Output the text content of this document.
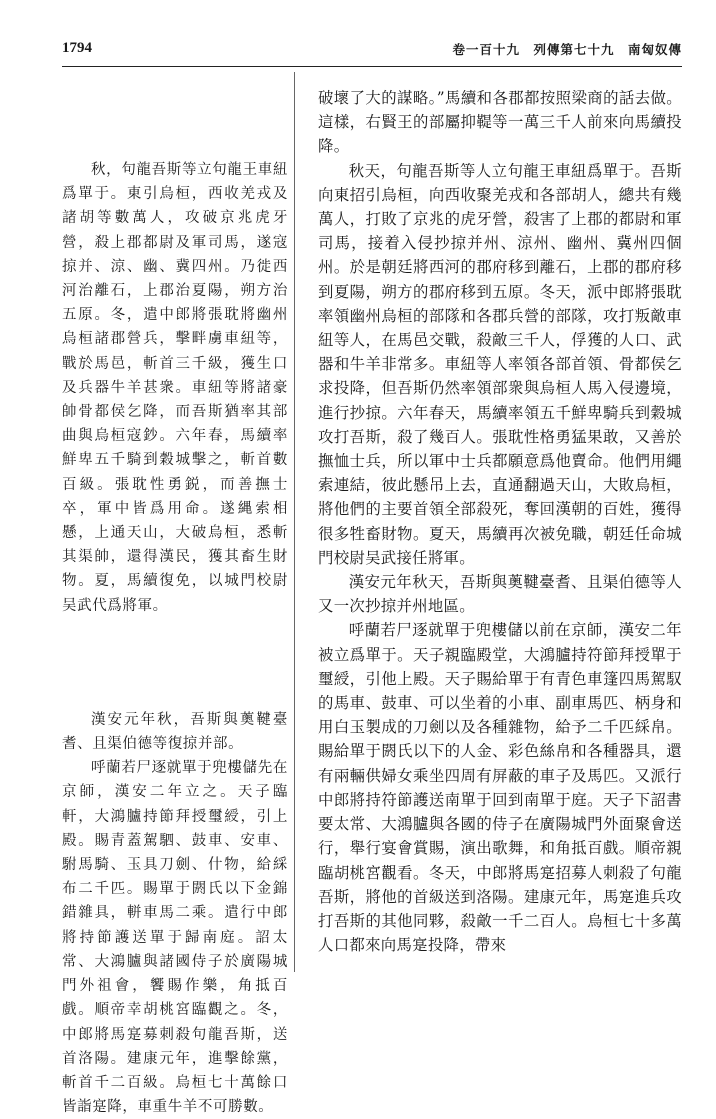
1794	卷一百十九　列傳第七十九　南匈奴傳

秋，句龍吾斯等立句龍王車紐爲單于。東引烏桓，西收羌戎及諸胡等數萬人，攻破京兆虎牙營，殺上郡都尉及軍司馬，遂寇掠并、涼、幽、冀四州。乃徙西河治離石，上郡治夏陽，朔方治五原。冬，遣中郎將張耽將幽州烏桓諸郡營兵，擊畔虜車紐等，戰於馬邑，斬首三千級，獲生口及兵器牛羊甚衆。車紐等將諸豪帥骨都侯乞降，而吾斯猶率其部曲與烏桓寇鈔。六年春，馬續率鮮卑五千騎到穀城擊之，斬首數百級。張耽性勇鋭，而善撫士卒，軍中皆爲用命。遂縄索相懸，上通天山，大破烏桓，悉斬其渠帥，還得漢民，獲其畜生財物。夏，馬續復免，以城門校尉吴武代爲將軍。

漢安元年秋，吾斯與薁鞬臺耆、且渠伯德等復掠并部。

呼蘭若尸逐就單于兜樓儲先在京師，漢安二年立之。天子臨軒，大鴻臚持節拜授璽綬，引上殿。賜青蓋駕駟、鼓車、安車、駙馬騎、玉具刀劍、什物，給綵布二千匹。賜單于閼氏以下金錦錯雜具，軿車馬二乘。遣行中郎將持節護送單于歸南庭。詔太常、大鴻臚與諸國侍子於廣陽城門外祖會，饗賜作樂，角抵百戲。順帝幸胡桃宮臨觀之。冬，中郎將馬寔募刺殺句龍吾斯，送首洛陽。建康元年，進擊餘黨，斬首千二百級。烏桓七十萬餘口皆詣寔降，車重牛羊不可勝數。

破壞了大的謀略。”馬續和各郡都按照梁商的話去做。這樣，右賢王的部屬抑鞮等一萬三千人前來向馬續投降。

秋天，句龍吾斯等人立句龍王車紐爲單于。吾斯向東招引烏桓，向西收聚羌戎和各部胡人，總共有幾萬人，打敗了京兆的虎牙營，殺害了上郡的都尉和軍司馬，接着入侵抄掠并州、涼州、幽州、冀州四個州。於是朝廷將西河的郡府移到離石，上郡的郡府移到夏陽，朔方的郡府移到五原。冬天，派中郎將張耽率領幽州烏桓的部隊和各郡兵營的部隊，攻打叛敵車紐等人，在馬邑交戰，殺敵三千人，俘獲的人口、武器和牛羊非常多。車紐等人率領各部首領、骨都侯乞求投降，但吾斯仍然率領部衆與烏桓人馬入侵邊境，進行抄掠。六年春天，馬續率領五千鮮卑騎兵到穀城攻打吾斯，殺了幾百人。張耽性格勇猛果敢，又善於撫恤士兵，所以軍中士兵都願意爲他賣命。他們用繩索連結，彼此懸吊上去，直通翻過天山，大敗烏桓，將他們的主要首領全部殺死，奪回漢朝的百姓，獲得很多牲畜財物。夏天，馬續再次被免職，朝廷任命城門校尉吴武接任將軍。

漢安元年秋天，吾斯與薁鞬臺耆、且渠伯德等人又一次抄掠并州地區。

呼蘭若尸逐就單于兜樓儲以前在京師，漢安二年被立爲單于。天子親臨殿堂，大鴻臚持符節拜授單于璽綬，引他上殿。天子賜給單于有青色車篷四馬駕馭的馬車、鼓車、可以坐着的小車、副車馬匹、柄身和用白玉製成的刀劍以及各種雜物，給予二千匹綵帛。賜給單于閼氏以下的人金、彩色絲帛和各種器具，還有兩輛供婦女乘坐四周有屏蔽的車子及馬匹。又派行中郎將持符節護送南單于回到南單于庭。天子下詔書要太常、大鴻臚與各國的侍子在廣陽城門外面聚會送行，舉行宴會賞賜，演出歌舞，和角抵百戲。順帝親臨胡桃宮觀看。冬天，中郎將馬寔招募人刺殺了句龍吾斯，將他的首級送到洛陽。建康元年，馬寔進兵攻打吾斯的其他同夥，殺敵一千二百人。烏桓七十多萬人口都來向馬寔投降，帶來
